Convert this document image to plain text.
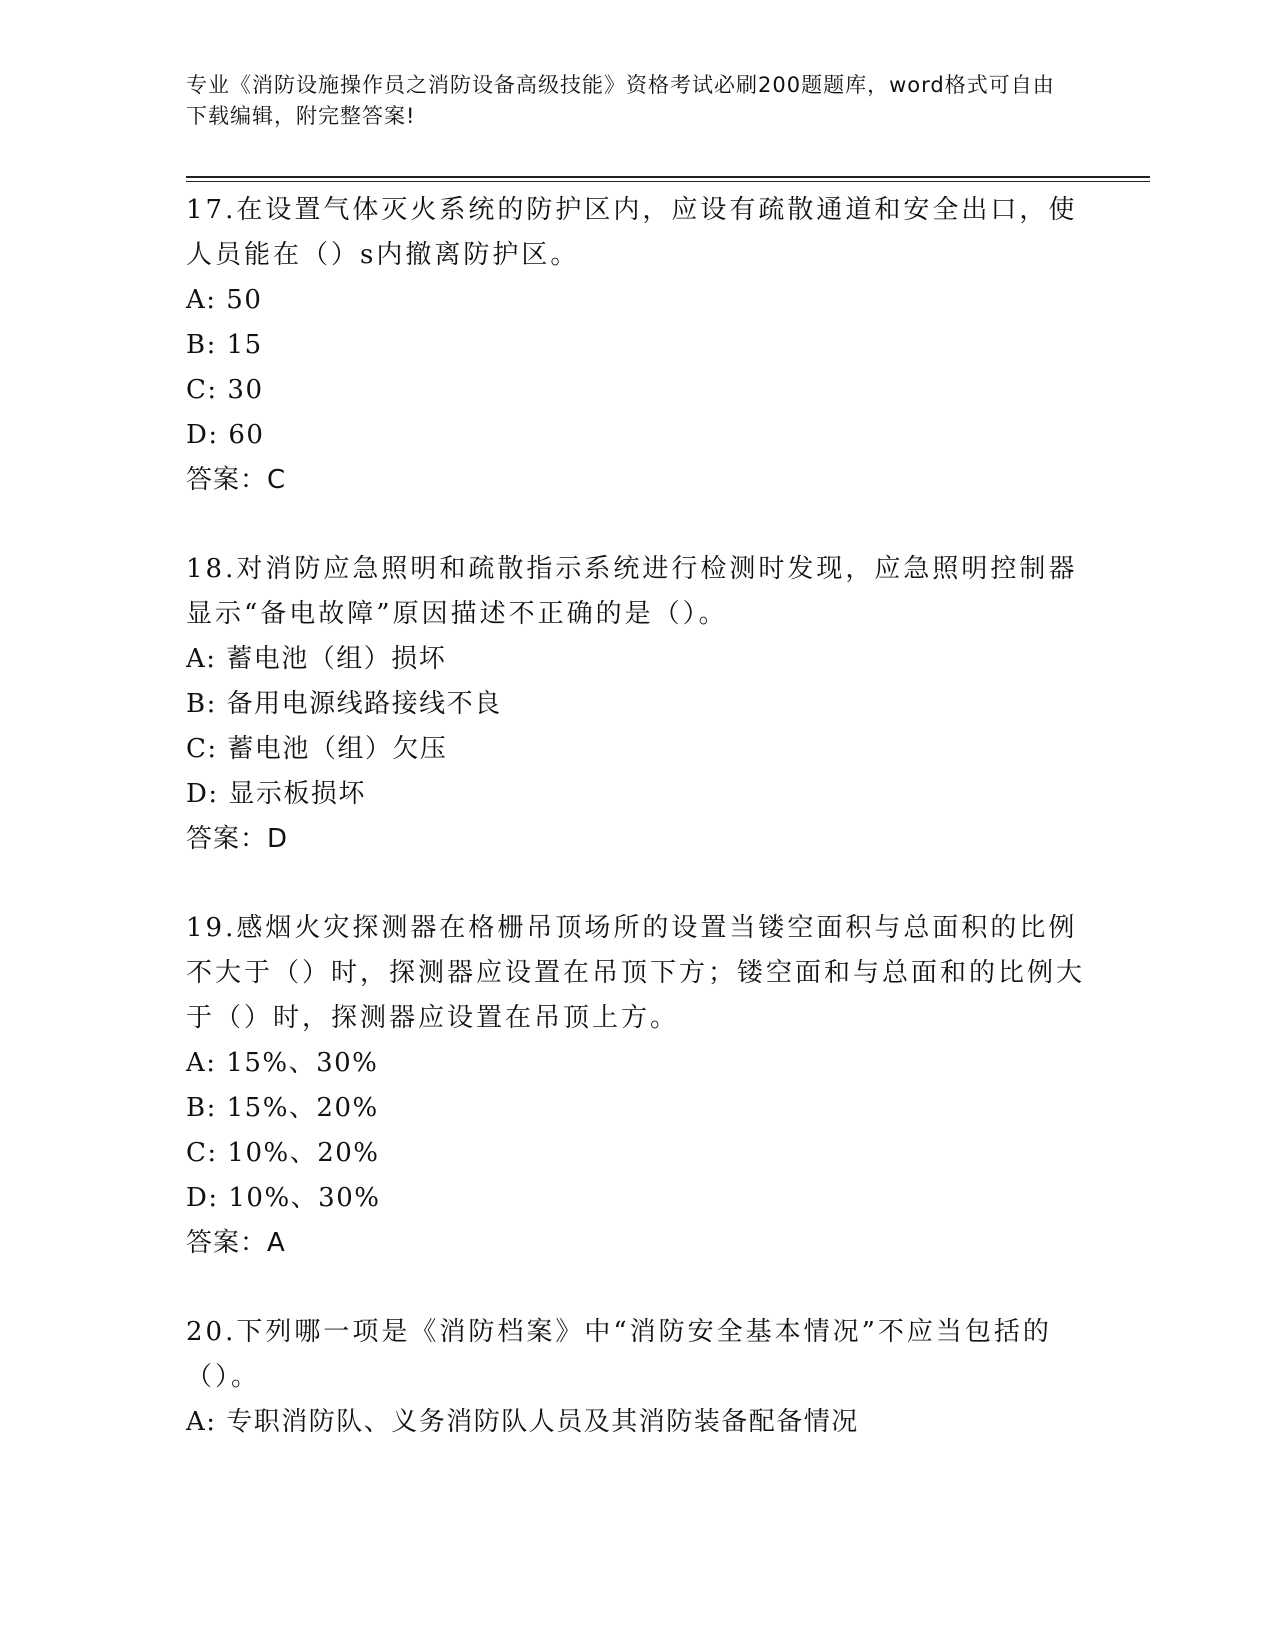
专业《消防设施操作员之消防设备高级技能》资格考试必刷200题题库，word格式可自由下载编辑，附完整答案!

17.在设置气体灭火系统的防护区内，应设有疏散通道和安全出口，使人员能在（）s内撤离防护区。

A: 50

B: 15

C: 30

D: 60

答案：C

18.对消防应急照明和疏散指示系统进行检测时发现，应急照明控制器显示“备电故障”原因描述不正确的是（）。

A: 蓄电池（组）损坏

B: 备用电源线路接线不良

C: 蓄电池（组）欠压

D: 显示板损坏

答案：D

19.感烟火灾探测器在格栅吊顶场所的设置当镂空面积与总面积的比例不大于（）时，探测器应设置在吊顶下方；镂空面和与总面和的比例大于（）时，探测器应设置在吊顶上方。

A: 15%、30%

B: 15%、20%

C: 10%、20%

D: 10%、30%

答案：A

20.下列哪一项是《消防档案》中“消防安全基本情况”不应当包括的（）。

A: 专职消防队、义务消防队人员及其消防装备配备情况
